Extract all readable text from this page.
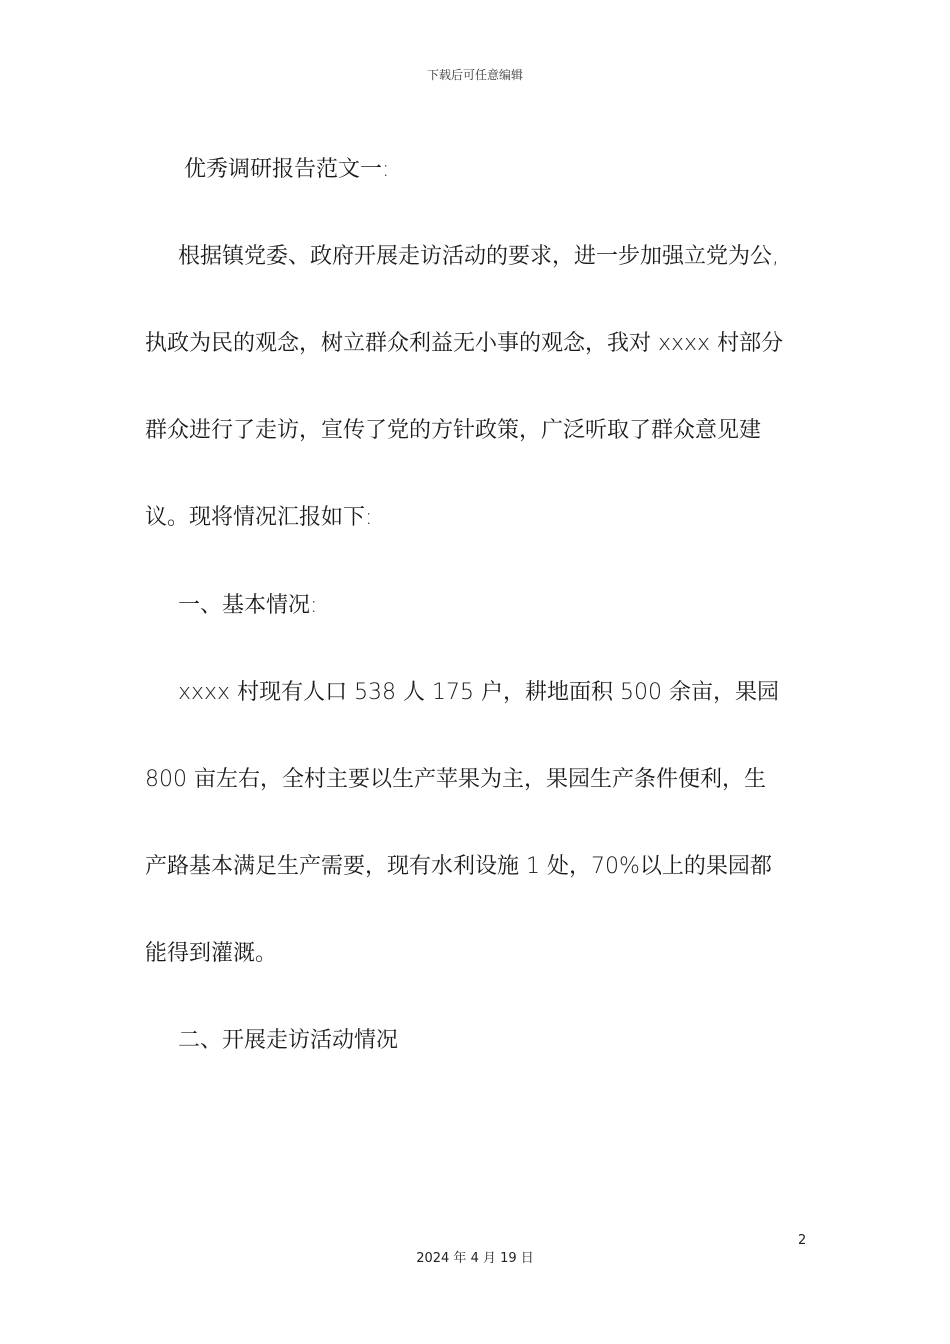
下载后可任意编辑
优秀调研报告范文一:
根据镇党委、政府开展走访活动的要求，进一步加强立党为公,
执政为民的观念，树立群众利益无小事的观念，我对 xxxx 村部分
群众进行了走访，宣传了党的方针政策，广泛听取了群众意见建
议。现将情况汇报如下:
一、基本情况:
xxxx 村现有人口 538 人 175 户，耕地面积 500 余亩，果园
800 亩左右，全村主要以生产苹果为主，果园生产条件便利，生
产路基本满足生产需要，现有水利设施 1 处，70%以上的果园都
能得到灌溉。
二、开展走访活动情况
2
2024 年 4 月 19 日
